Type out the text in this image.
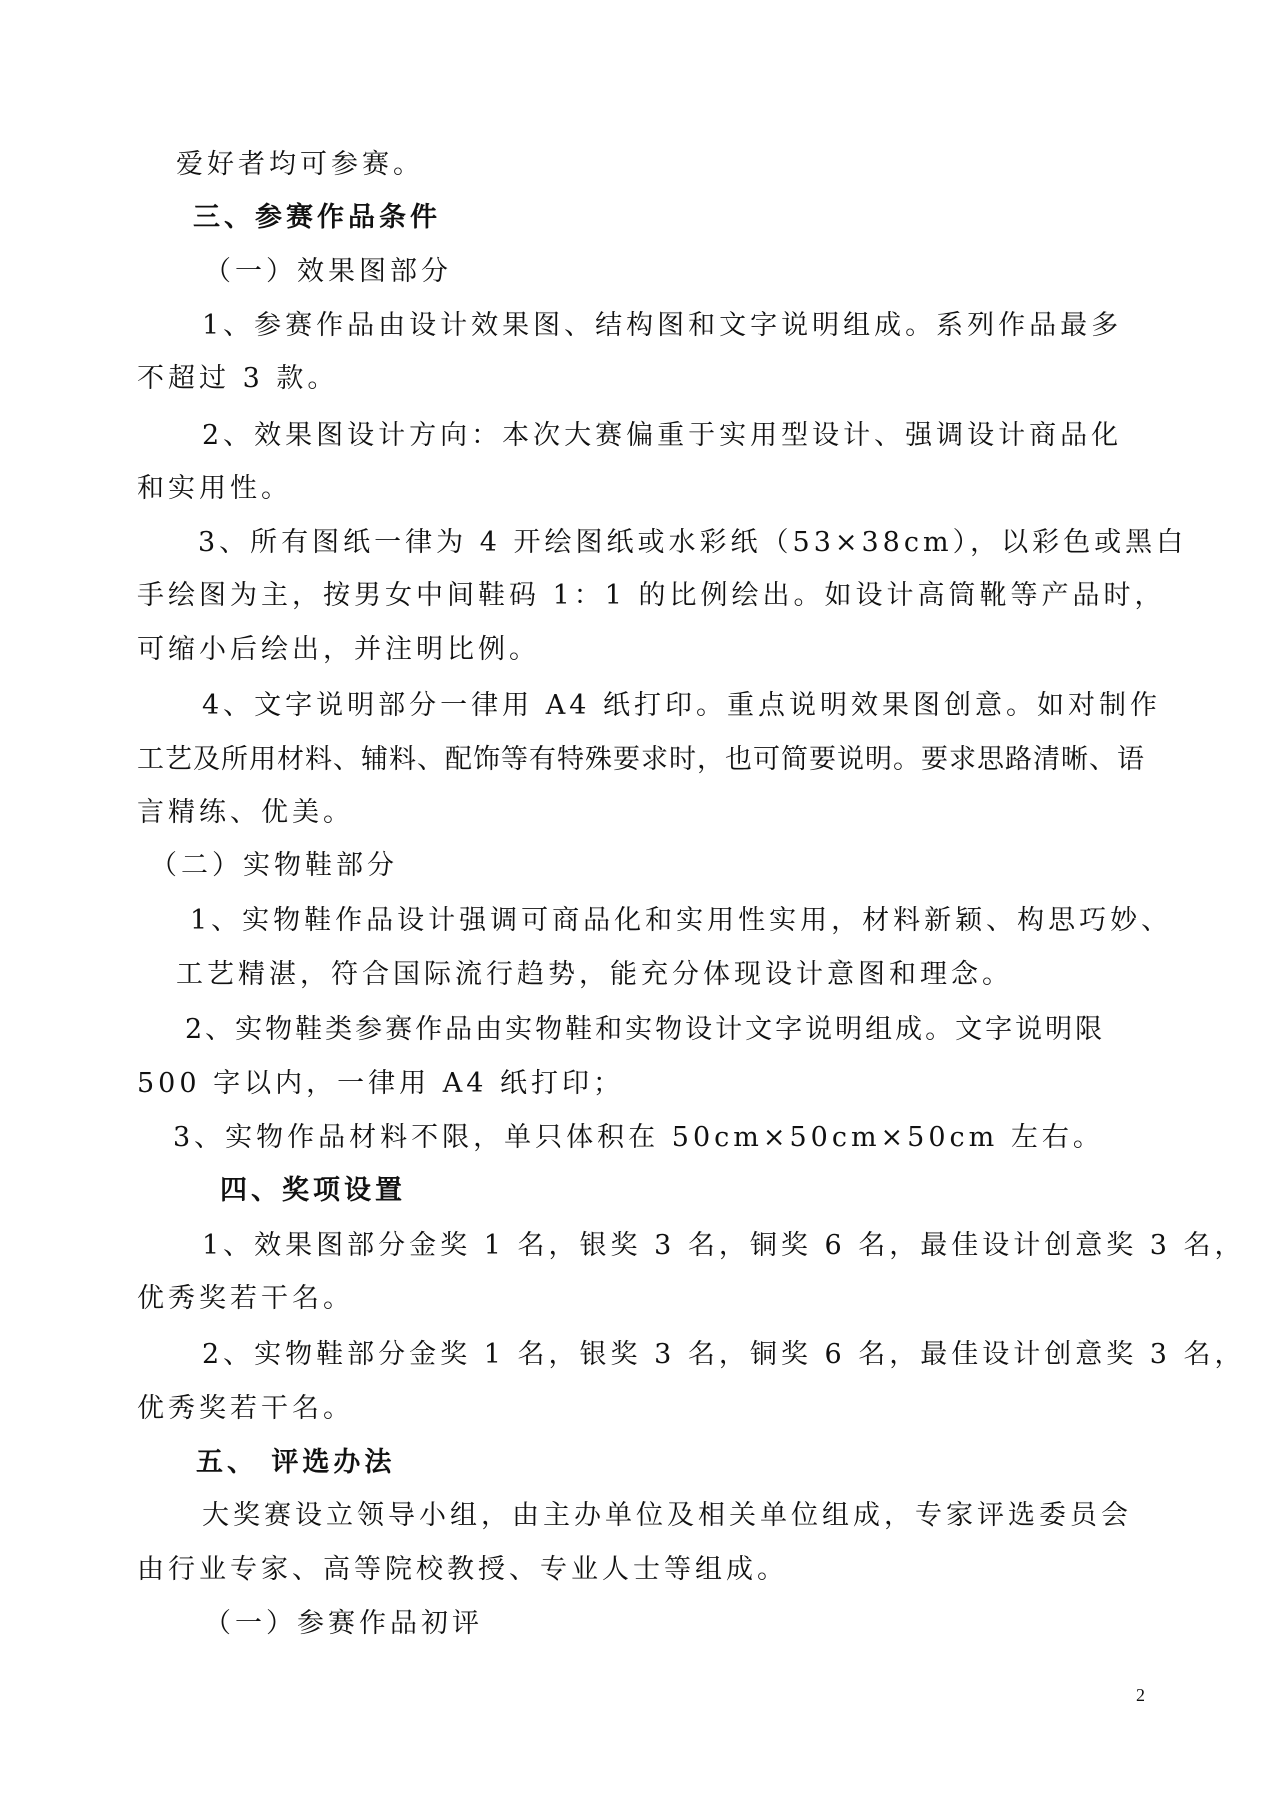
爱好者均可参赛。
三、参赛作品条件
（一）效果图部分
1、参赛作品由设计效果图、结构图和文字说明组成。系列作品最多
不超过 3 款。
2、效果图设计方向：本次大赛偏重于实用型设计、强调设计商品化
和实用性。
3、所有图纸一律为 4 开绘图纸或水彩纸（53×38cm），以彩色或黑白
手绘图为主，按男女中间鞋码 1：1 的比例绘出。如设计高筒靴等产品时，
可缩小后绘出，并注明比例。
4、文字说明部分一律用 A4 纸打印。重点说明效果图创意。如对制作
工艺及所用材料、辅料、配饰等有特殊要求时，也可简要说明。要求思路清晰、语
言精练、优美。
（二）实物鞋部分
1、实物鞋作品设计强调可商品化和实用性实用，材料新颖、构思巧妙、
工艺精湛，符合国际流行趋势，能充分体现设计意图和理念。
2、实物鞋类参赛作品由实物鞋和实物设计文字说明组成。文字说明限
500 字以内，一律用 A4 纸打印；
3、实物作品材料不限，单只体积在 50cm×50cm×50cm 左右。
四、奖项设置
1、效果图部分金奖 1 名，银奖 3 名，铜奖 6 名，最佳设计创意奖 3 名，
优秀奖若干名。
2、实物鞋部分金奖 1 名，银奖 3 名，铜奖 6 名，最佳设计创意奖 3 名，
优秀奖若干名。
五、 评选办法
大奖赛设立领导小组，由主办单位及相关单位组成，专家评选委员会
由行业专家、高等院校教授、专业人士等组成。
（一）参赛作品初评
2
